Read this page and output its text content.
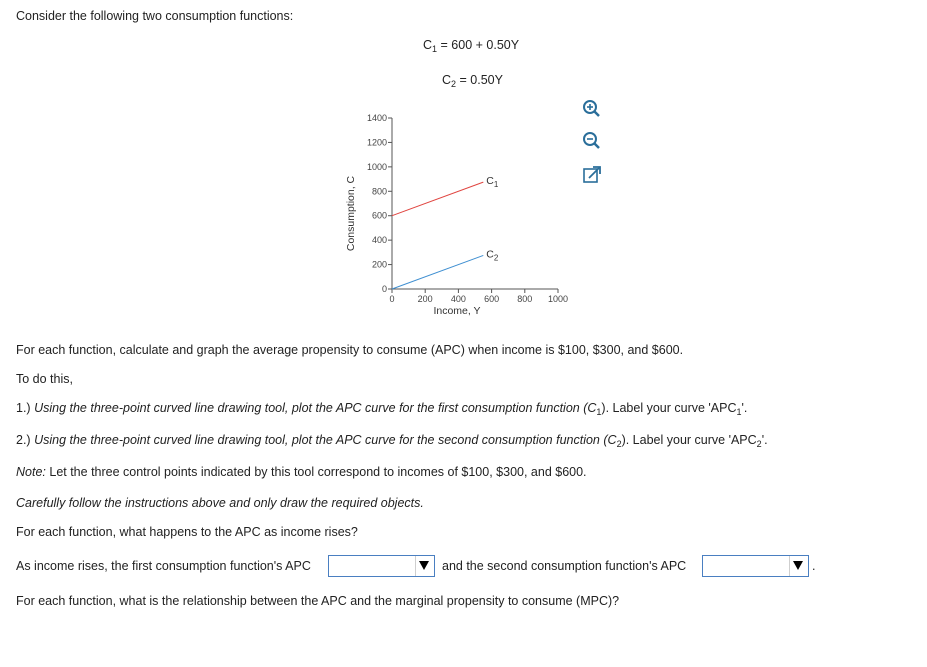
Consider the following two consumption functions:
$C_1 = 600 + 0.50Y$
$C_2 = 0.50Y$
0
200
400
600
800
1000
1200
1400
0	200 400 600 800 1000
Income, Y
Consumption, C	$C_1$
$C_2$
For each function, calculate and graph the average propensity to consume (APC) when income is $100, $300, and $600.
To do this,
1.) Using the three-point curved line drawing tool, plot the APC curve for the first consumption function $(C_1)$. Label your curve '$APC_1$'.
2.) Using the three-point curved line drawing tool, plot the APC curve for the second consumption function $(C_2)$. Label your curve '$APC_2$'.
Note: Let the three control points indicated by this tool correspond to incomes of $100, $300, and $600.
Carefully follow the instructions above and only draw the required objects.
For each function, what happens to the APC as income rises?
As income rises, the first consumption function's APC	and the second consumption function's APC	.
For each function, what is the relationship between the APC and the marginal propensity to consume (MPC)?
